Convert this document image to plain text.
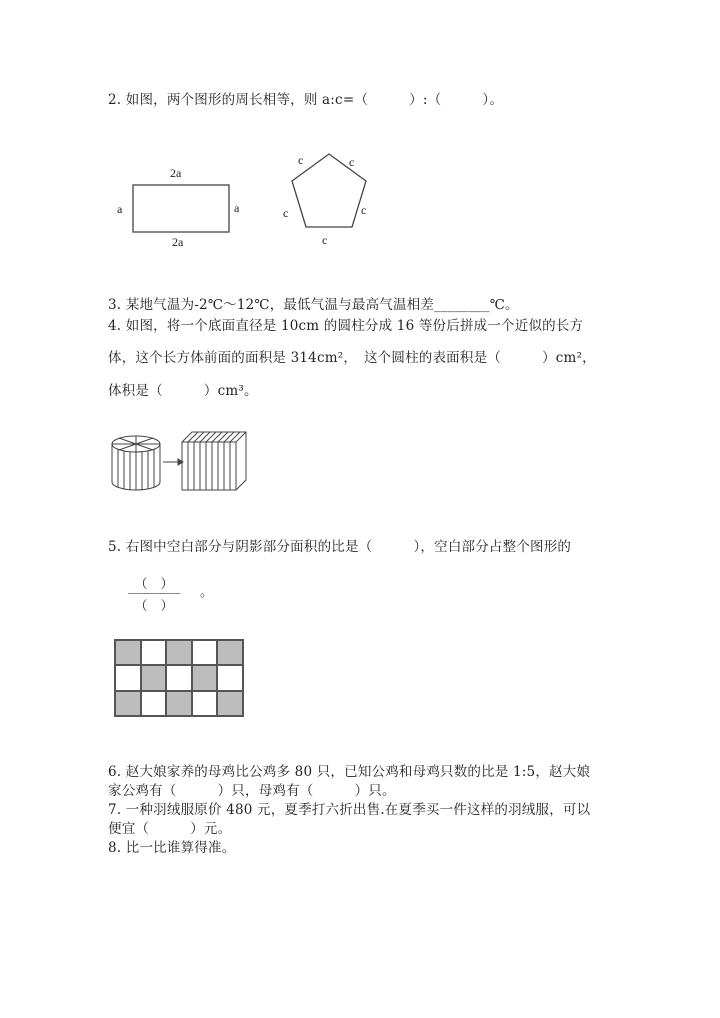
2. 如图，两个图形的周长相等，则 a:c=（　　　）:（　　　）。
2a
2a
a	a
c	c
c	c
c
3. 某地气温为-2℃～12℃，最低气温与最高气温相差________℃。
4. 如图，将一个底面直径是 10cm 的圆柱分成 16 等份后拼成一个近似的长方
体，这个长方体前面的面积是 314cm²，　这个圆柱的表面积是（　　　）cm²，
体积是（　　　）cm³。
5. 右图中空白部分与阴影部分面积的比是（　　　），空白部分占整个图形的
（　）
（　）
。
6. 赵大娘家养的母鸡比公鸡多 80 只，已知公鸡和母鸡只数的比是 1:5，赵大娘
家公鸡有（　　　）只，母鸡有（　　　）只。
7. 一种羽绒服原价 480 元，夏季打六折出售.在夏季买一件这样的羽绒服，可以
便宜（　　　）元。
8. 比一比谁算得准。
